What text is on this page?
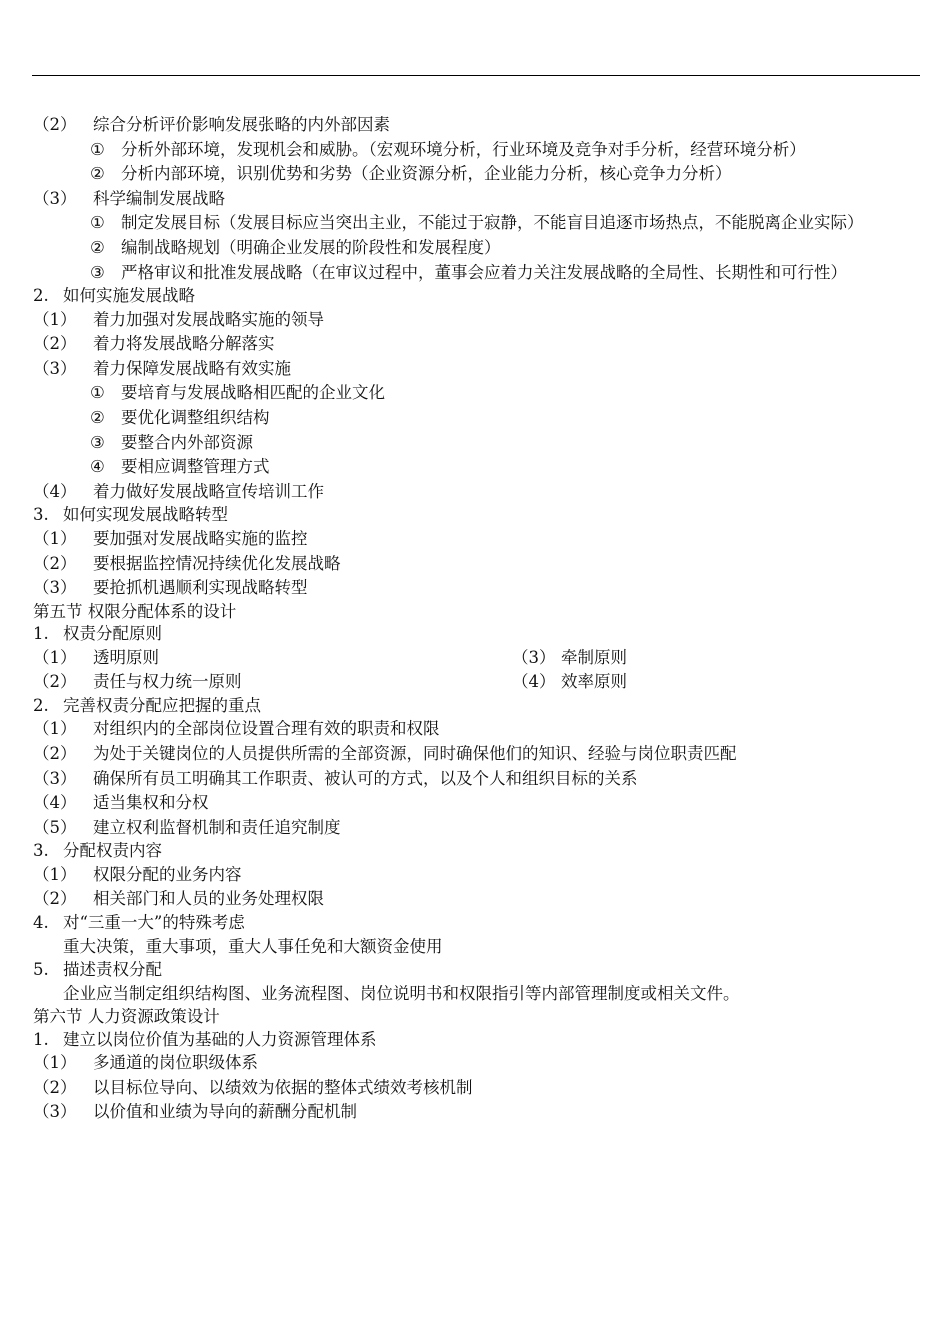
（2） 综合分析评价影响发展张略的内外部因素
① 分析外部环境，发现机会和威胁。（宏观环境分析，行业环境及竞争对手分析，经营环境分析）
② 分析内部环境，识别优势和劣势（企业资源分析，企业能力分析，核心竞争力分析）
（3） 科学编制发展战略
① 制定发展目标（发展目标应当突出主业，不能过于寂静，不能盲目追逐市场热点，不能脱离企业实际）
② 编制战略规划（明确企业发展的阶段性和发展程度）
③ 严格审议和批准发展战略（在审议过程中，董事会应着力关注发展战略的全局性、长期性和可行性）
2. 如何实施发展战略
（1） 着力加强对发展战略实施的领导
（2） 着力将发展战略分解落实
（3） 着力保障发展战略有效实施
① 要培育与发展战略相匹配的企业文化
② 要优化调整组织结构
③ 要整合内外部资源
④ 要相应调整管理方式
（4） 着力做好发展战略宣传培训工作
3. 如何实现发展战略转型
（1） 要加强对发展战略实施的监控
（2） 要根据监控情况持续优化发展战略
（3） 要抢抓机遇顺利实现战略转型
第五节 权限分配体系的设计
1. 权责分配原则
（1） 透明原则	（3） 牵制原则
（2） 责任与权力统一原则	（4） 效率原则
2. 完善权责分配应把握的重点
（1） 对组织内的全部岗位设置合理有效的职责和权限
（2） 为处于关键岗位的人员提供所需的全部资源，同时确保他们的知识、经验与岗位职责匹配
（3） 确保所有员工明确其工作职责、被认可的方式，以及个人和组织目标的关系
（4） 适当集权和分权
（5） 建立权利监督机制和责任追究制度
3. 分配权责内容
（1） 权限分配的业务内容
（2） 相关部门和人员的业务处理权限
4. 对“三重一大”的特殊考虑
重大决策，重大事项，重大人事任免和大额资金使用
5. 描述责权分配
企业应当制定组织结构图、业务流程图、岗位说明书和权限指引等内部管理制度或相关文件。
第六节 人力资源政策设计
1. 建立以岗位价值为基础的人力资源管理体系
（1） 多通道的岗位职级体系
（2） 以目标位导向、以绩效为依据的整体式绩效考核机制
（3） 以价值和业绩为导向的薪酬分配机制
